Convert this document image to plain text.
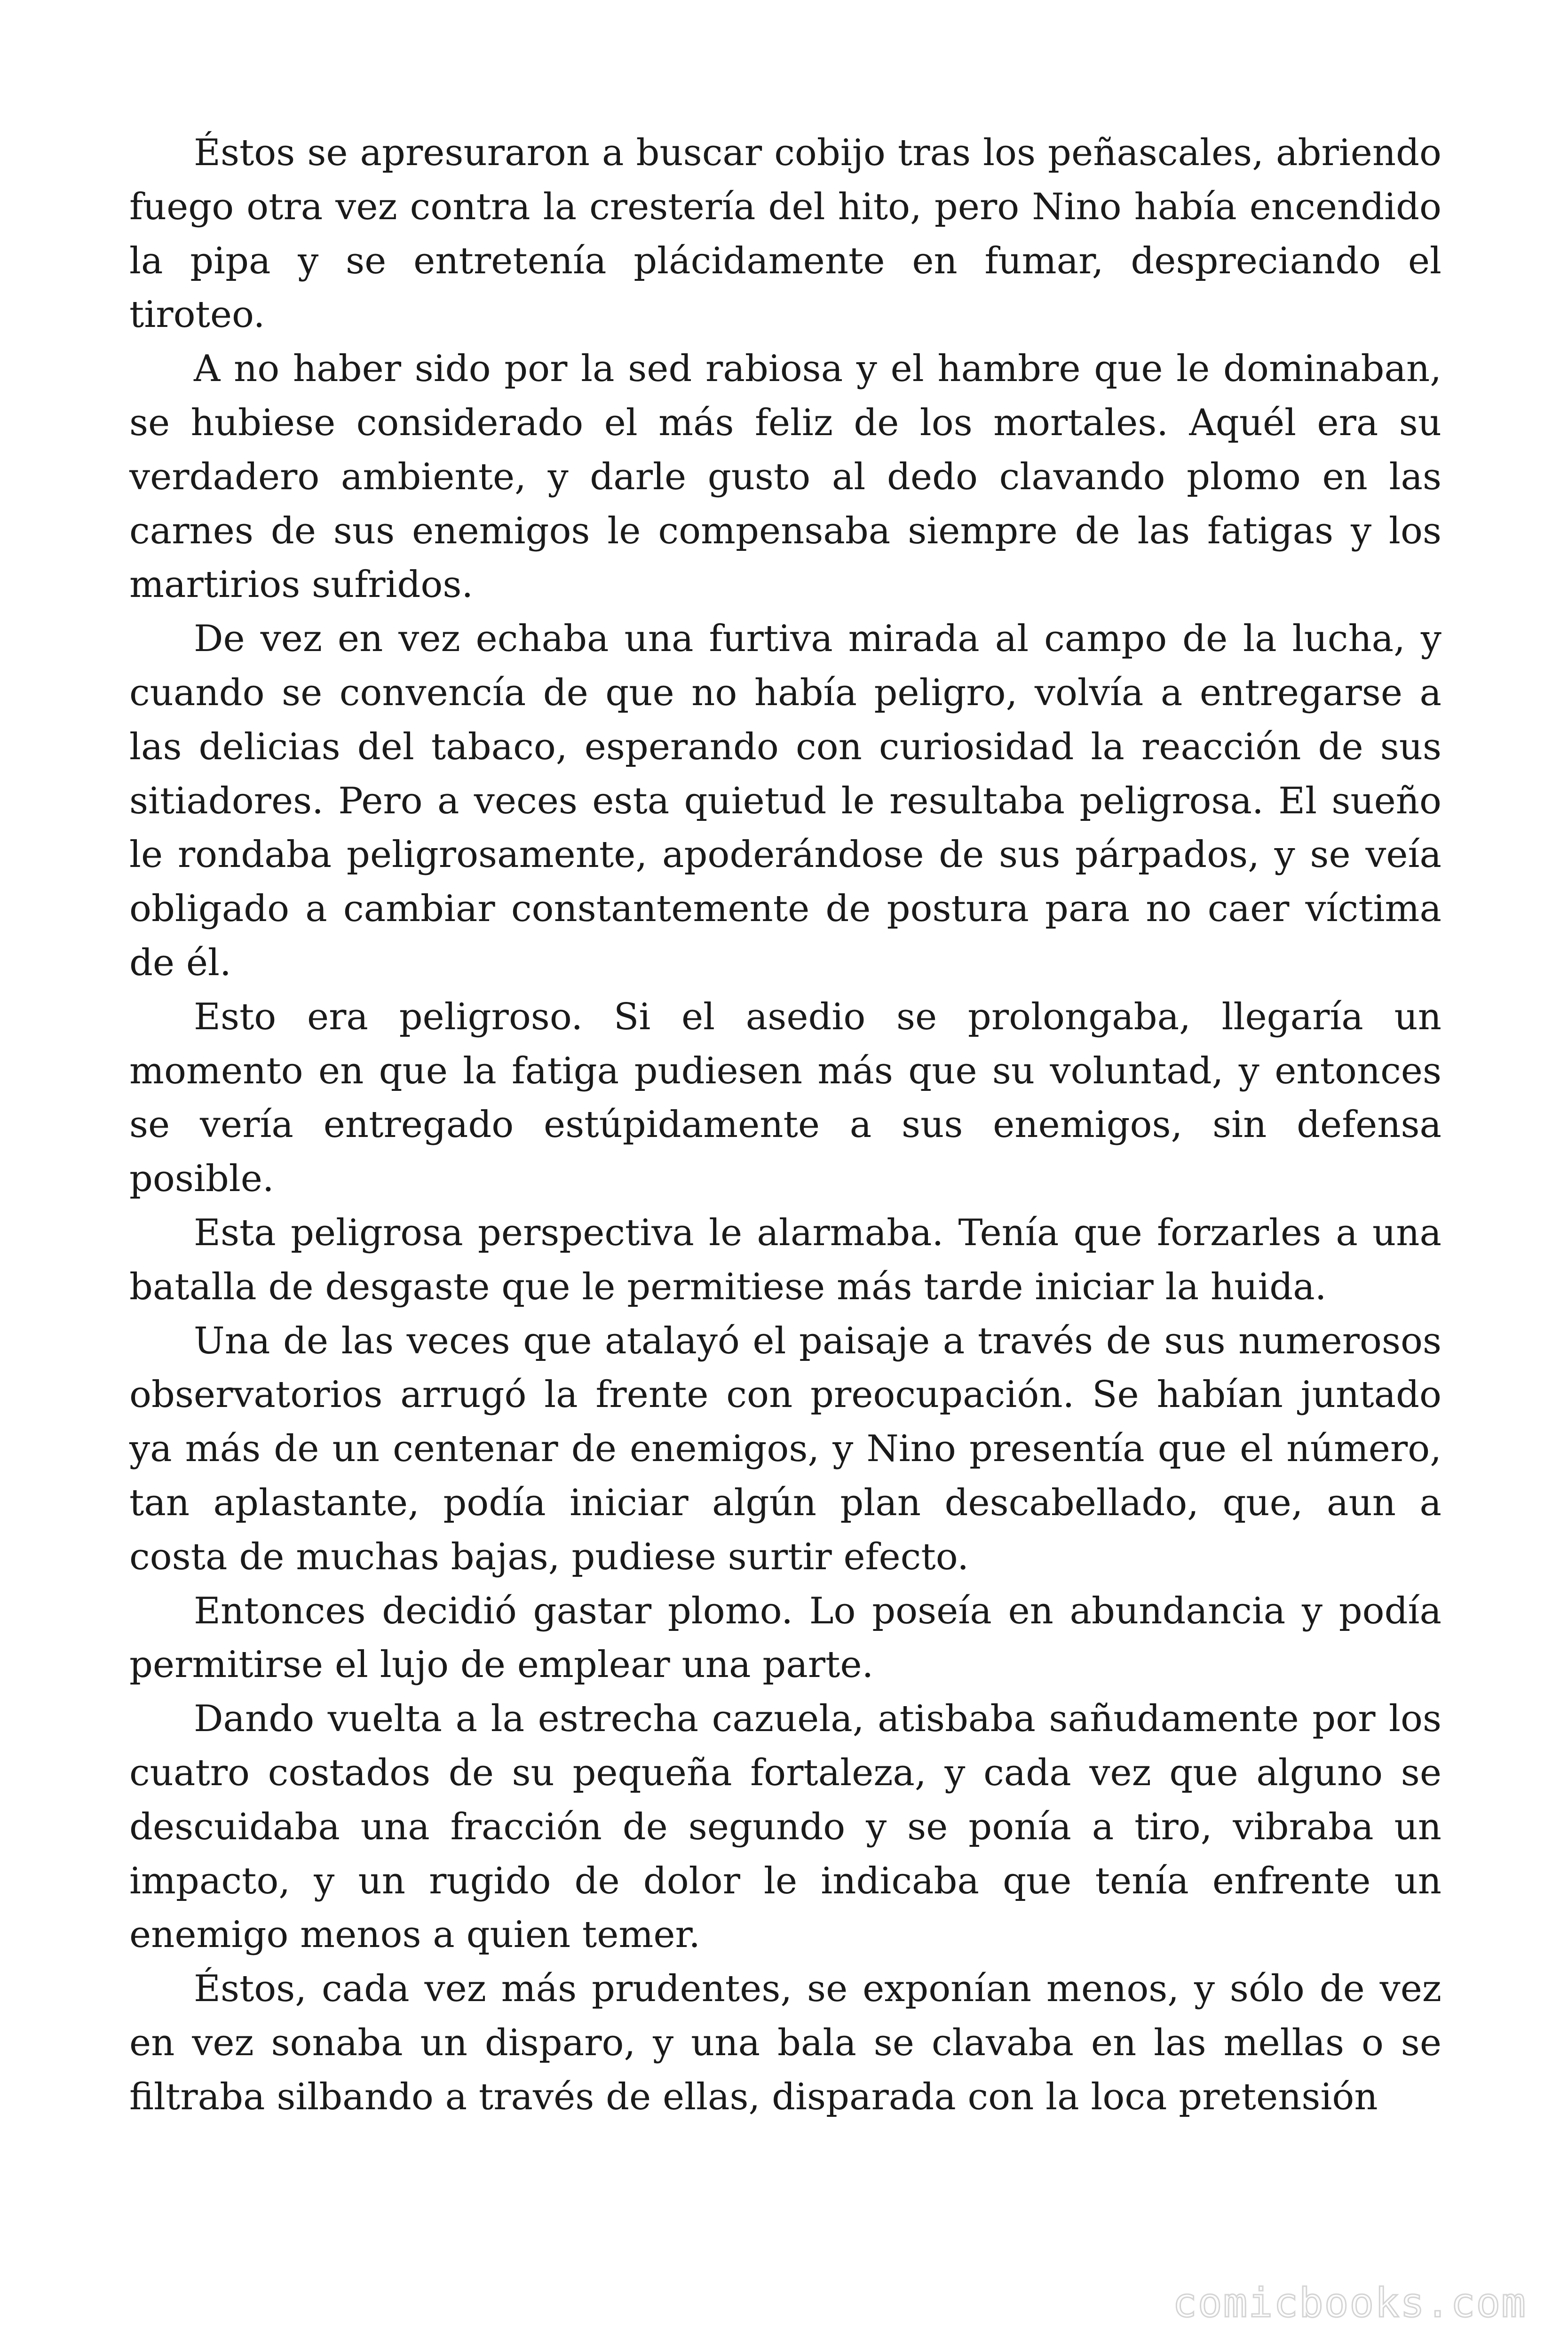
Éstos se apresuraron a buscar cobijo tras los peñascales, abriendo fuego otra vez contra la crestería del hito, pero Nino había encendido la pipa y se entretenía plácidamente en fumar, despreciando el tiroteo.

A no haber sido por la sed rabiosa y el hambre que le dominaban, se hubiese considerado el más feliz de los mortales. Aquél era su verdadero ambiente, y darle gusto al dedo clavando plomo en las carnes de sus enemigos le compensaba siempre de las fatigas y los martirios sufridos.

De vez en vez echaba una furtiva mirada al campo de la lucha, y cuando se convencía de que no había peligro, volvía a entregarse a las delicias del tabaco, esperando con curiosidad la reacción de sus sitiadores. Pero a veces esta quietud le resultaba peligrosa. El sueño le rondaba peligrosamente, apoderándose de sus párpados, y se veía obligado a cambiar constantemente de postura para no caer víctima de él.

Esto era peligroso. Si el asedio se prolongaba, llegaría un momento en que la fatiga pudiesen más que su voluntad, y entonces se vería entregado estúpidamente a sus enemigos, sin defensa posible.

Esta peligrosa perspectiva le alarmaba. Tenía que forzarles a una batalla de desgaste que le permitiese más tarde iniciar la huida.

Una de las veces que atalayó el paisaje a través de sus numerosos observatorios arrugó la frente con preocupación. Se habían juntado ya más de un centenar de enemigos, y Nino presentía que el número, tan aplastante, podía iniciar algún plan descabellado, que, aun a costa de muchas bajas, pudiese surtir efecto.

Entonces decidió gastar plomo. Lo poseía en abundancia y podía permitirse el lujo de emplear una parte.

Dando vuelta a la estrecha cazuela, atisbaba sañudamente por los cuatro costados de su pequeña fortaleza, y cada vez que alguno se descuidaba una fracción de segundo y se ponía a tiro, vibraba un impacto, y un rugido de dolor le indicaba que tenía enfrente un enemigo menos a quien temer.

Éstos, cada vez más prudentes, se exponían menos, y sólo de vez en vez sonaba un disparo, y una bala se clavaba en las mellas o se filtraba silbando a través de ellas, disparada con la loca pretensión

comicbooks.com
